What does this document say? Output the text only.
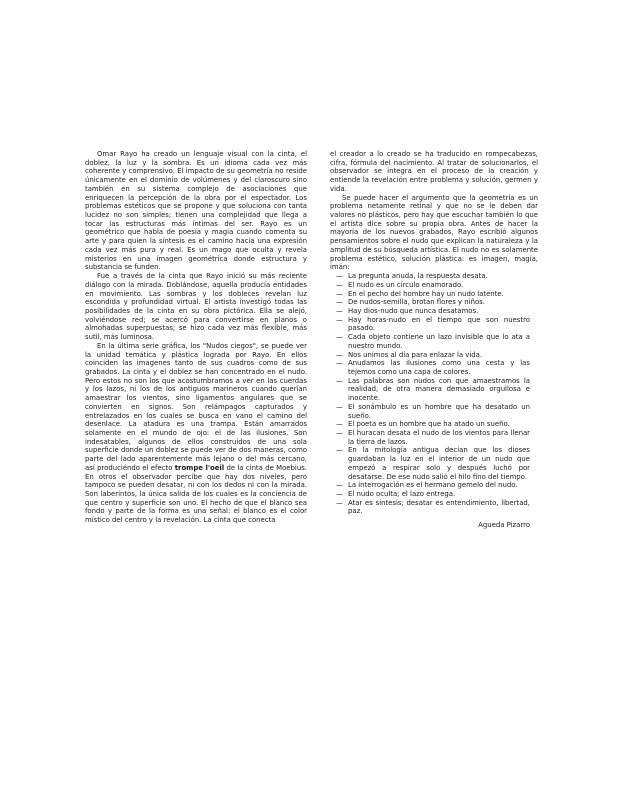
Omar Rayo ha creado un lenguaje visual con la cinta, el doblez, la luz y la sombra. Es un idioma cada vez más coherente y comprensivo. El impacto de su geometría no reside únicamente en el dominio de volúmenes y del claroscuro sino también en su sistema complejo de asociaciones que enriquecen la percepción de la obra por el espectador. Los problemas estéticos que se propone y que soluciona con tanta lucidez no son simples; tienen una complejidad que llega a tocar las estructuras más íntimas del ser. Rayo es un geométrico que habla de poesía y magia cuando comenta su arte y para quien la síntesis es el camino hacia una expresión cada vez más pura y real. Es un mago que oculta y revela misterios en una imagen geométrica donde estructura y substancia se funden.

Fue a través de la cinta que Rayo inició su más reciente diálogo con la mirada. Doblándose, aquella producía entidades en movimiento. Las sombras y los dobleces revelan luz escondida y profundidad virtual. El artista investigó todas las posibilidades de la cinta en su obra pictórica. Ella se alejó, volviéndose red; se acercó para convertirse en planos o almohadas superpuestas; se hizo cada vez más flexible, más sutil, más luminosa.

En la última serie gráfica, los "Nudos ciegos", se puede ver la unidad temática y plástica lograda por Rayo. En ellos coinciden las imagenes tanto de sus cuadros como de sus grabados. La cinta y el doblez se han concentrado en el nudo. Pero estos no son los que acostumbramos a ver en las cuerdas y los lazos, ni los de los antiguos marineros cuando querían amaestrar los vientos, sino ligamentos angulares que se convierten en signos. Son relámpagos capturados y entrelazados en los cuales se busca en vano el camino del desenlace. La atadura es una trampa. Están amarrados solamente en el mundo de ojo: el de las ilusiones. Son indesatables, algunos de ellos construídos de una sola superficie donde un doblez se puede ver de dos maneras, como parte del lado aparentemente más lejano o del más cercano, así produciéndo el efecto trompe l'oeil de la cinta de Moebius. En otros el observador percibe que hay dos niveles, pero tampoco se pueden desatar, ni con los dedos ni con la mirada. Son laberintos, la única salida de los cuales es la conciencia de que centro y superficie son uno. El hecho de que el blanco sea fondo y parte de la forma es una señal: el blanco es el color místico del centro y la revelación. La cinta que conecta

el creador a lo creado se ha traducido en rompecabezas, cifra, fórmula del nacimiento. Al tratar de solucionarlos, el observador se integra en el proceso de la creación y entiende la revelación entre problema y solución, germen y vida.

Se puede hacer el argumento que la geometría es un problema netamente retinal y que no se le deben dar valores no plásticos, pero hay que escuchar también lo que el artista dice sobre su propia obra. Antes de hacer la mayoría de los nuevos grabados, Rayo escribió algunos pensamientos sobre el nudo que explican la naturaleza y la amplitud de su búsqueda artística. El nudo no es solamente problema estético, solución plástica: es imagen, magia, imán:

— La pregunta anuda, la respuesta desata.
— El nudo es un círculo enamorado.
— En el pecho del hombre hay un nudo latente.
— De nudos-semilla, brotan flores y niños.
— Hay dios-nudo que nunca desatamos.
— Hay horas-nudo en el tiempo que son nuestro pasado.
— Cada objeto contiene un lazo invisible que lo ata a nuestro mundo.
— Nos unimos al día para enlazar la vida.
— Anudamos las ilusiones como una cesta y las tejemos como una capa de colores.
— Las palabras son nudos con que amaestramos la realidad, de otra manera demasiado orgullosa e inocente.
— El sonámbulo es un hombre que ha desatado un sueño.
— El poeta es un hombre que ha atado un sueño.
— El huracan desata el nudo de los vientos para llenar la tierra de lazos.
— En la mitología antigua decían que los dioses guardaban la luz en el interior de un nudo que empezó a respirar solo y después luchó por desatarse. De ese nudo salió el hilo fino del tiempo.
— La interrogación es el hermano gemelo del nudo.
— El nudo oculta; el lazo entrega.
— Atar es síntesis; desatar es entendimiento, libertad, paz.
Agueda Pizarro
